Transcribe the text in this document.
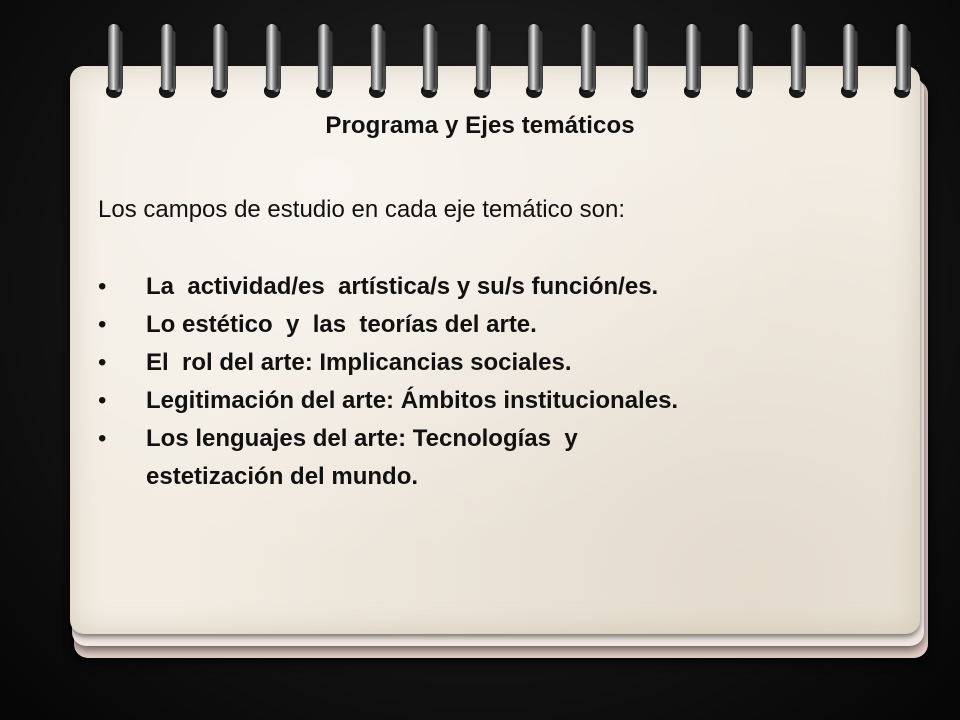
Programa y Ejes temáticos
Los campos de estudio en cada eje temático son:
• La  actividad/es  artística/s y su/s función/es.
• Lo estético  y  las  teorías del arte.
• El  rol del arte: Implicancias sociales.
• Legitimación del arte: Ámbitos institucionales.
• Los lenguajes del arte: Tecnologías  y
estetización del mundo.
